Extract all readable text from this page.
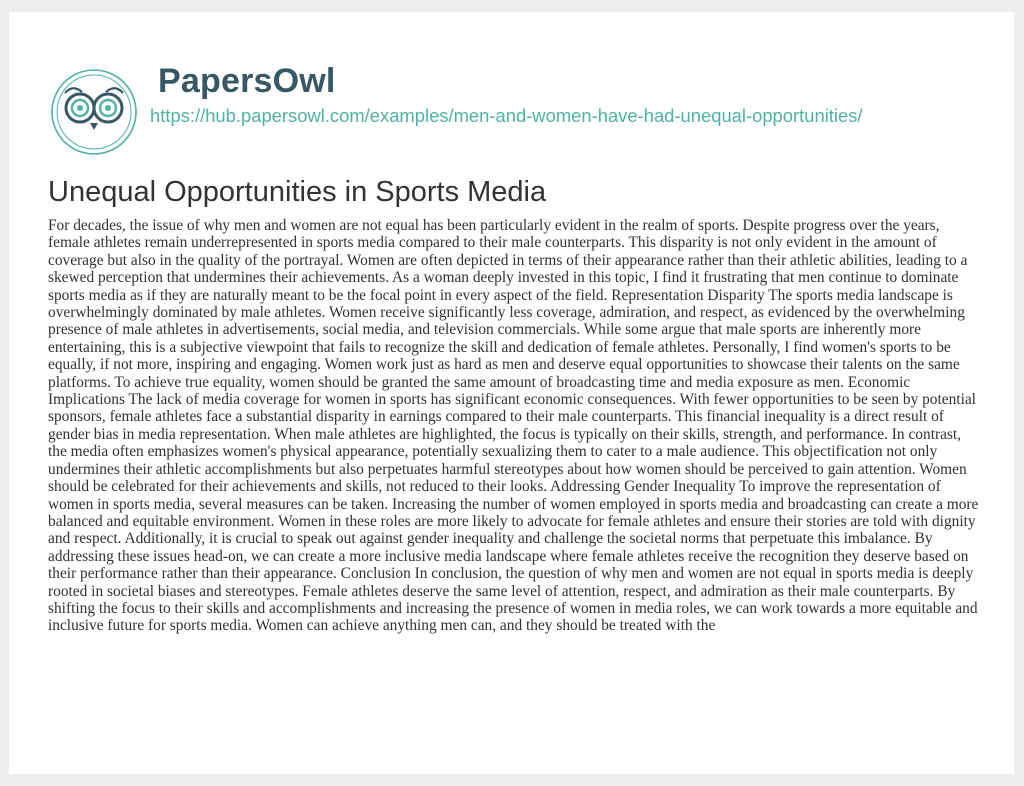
PapersOwl
https://hub.papersowl.com/examples/men-and-women-have-had-unequal-opportunities/
Unequal Opportunities in Sports Media

For decades, the issue of why men and women are not equal has been particularly evident in the realm of sports. Despite progress over the years, female athletes remain underrepresented in sports media compared to their male counterparts. This disparity is not only evident in the amount of coverage but also in the quality of the portrayal. Women are often depicted in terms of their appearance rather than their athletic abilities, leading to a skewed perception that undermines their achievements. As a woman deeply invested in this topic, I find it frustrating that men continue to dominate sports media as if they are naturally meant to be the focal point in every aspect of the field. Representation Disparity The sports media landscape is overwhelmingly dominated by male athletes. Women receive significantly less coverage, admiration, and respect, as evidenced by the overwhelming presence of male athletes in advertisements, social media, and television commercials. While some argue that male sports are inherently more entertaining, this is a subjective viewpoint that fails to recognize the skill and dedication of female athletes. Personally, I find women's sports to be equally, if not more, inspiring and engaging. Women work just as hard as men and deserve equal opportunities to showcase their talents on the same platforms. To achieve true equality, women should be granted the same amount of broadcasting time and media exposure as men. Economic Implications The lack of media coverage for women in sports has significant economic consequences. With fewer opportunities to be seen by potential sponsors, female athletes face a substantial disparity in earnings compared to their male counterparts. This financial inequality is a direct result of gender bias in media representation. When male athletes are highlighted, the focus is typically on their skills, strength, and performance. In contrast, the media often emphasizes women's physical appearance, potentially sexualizing them to cater to a male audience. This objectification not only undermines their athletic accomplishments but also perpetuates harmful stereotypes about how women should be perceived to gain attention. Women should be celebrated for their achievements and skills, not reduced to their looks. Addressing Gender Inequality To improve the representation of women in sports media, several measures can be taken. Increasing the number of women employed in sports media and broadcasting can create a more balanced and equitable environment. Women in these roles are more likely to advocate for female athletes and ensure their stories are told with dignity and respect. Additionally, it is crucial to speak out against gender inequality and challenge the societal norms that perpetuate this imbalance. By addressing these issues head-on, we can create a more inclusive media landscape where female athletes receive the recognition they deserve based on their performance rather than their appearance. Conclusion In conclusion, the question of why men and women are not equal in sports media is deeply rooted in societal biases and stereotypes. Female athletes deserve the same level of attention, respect, and admiration as their male counterparts. By shifting the focus to their skills and accomplishments and increasing the presence of women in media roles, we can work towards a more equitable and inclusive future for sports media. Women can achieve anything men can, and they should be treated with the
